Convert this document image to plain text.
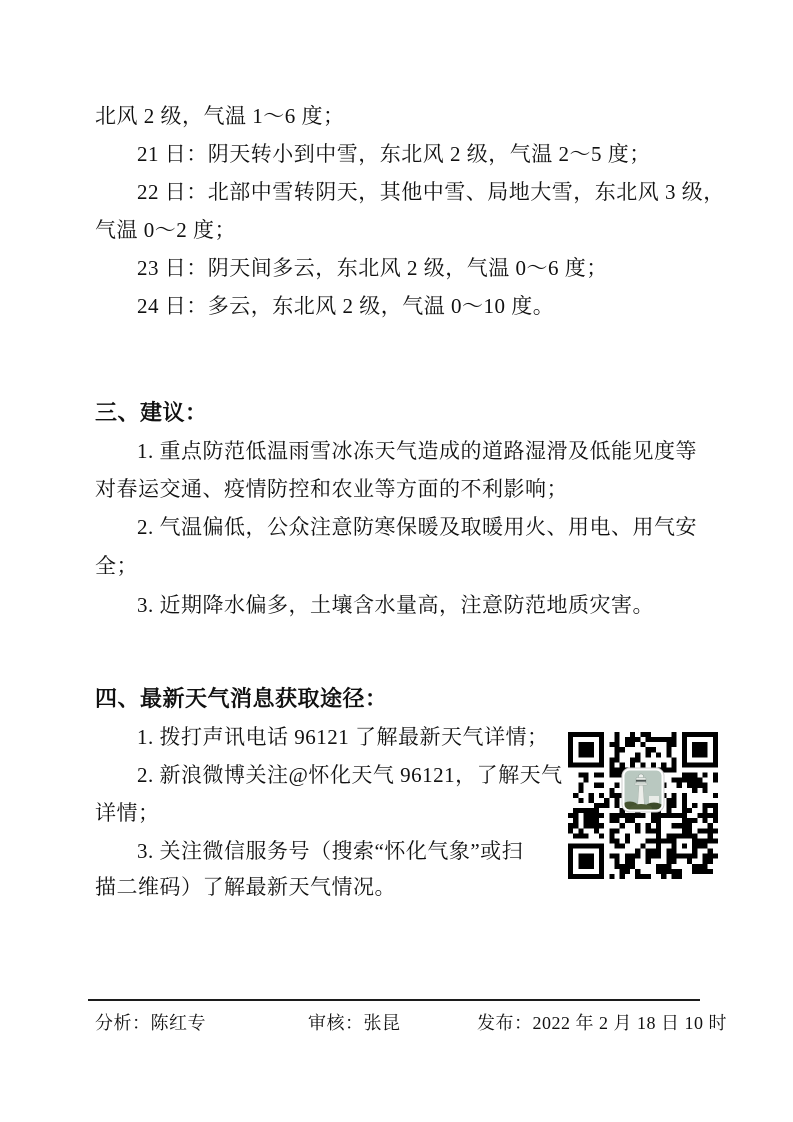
北风 2 级，气温 1～6 度；
21 日：阴天转小到中雪，东北风 2 级，气温 2～5 度；
22 日：北部中雪转阴天，其他中雪、局地大雪，东北风 3 级，
气温 0～2 度；
23 日：阴天间多云，东北风 2 级，气温 0～6 度；
24 日：多云，东北风 2 级，气温 0～10 度。
三、建议：
1. 重点防范低温雨雪冰冻天气造成的道路湿滑及低能见度等
对春运交通、疫情防控和农业等方面的不利影响；
2. 气温偏低，公众注意防寒保暖及取暖用火、用电、用气安
全；
3. 近期降水偏多，土壤含水量高，注意防范地质灾害。
四、最新天气消息获取途径：
1. 拨打声讯电话 96121 了解最新天气详情；
2. 新浪微博关注@怀化天气 96121，了解天气
详情；
3. 关注微信服务号（搜索“怀化气象”或扫
描二维码）了解最新天气情况。
分析：陈红专	审核：张昆	发布：2022 年 2 月 18 日 10 时
